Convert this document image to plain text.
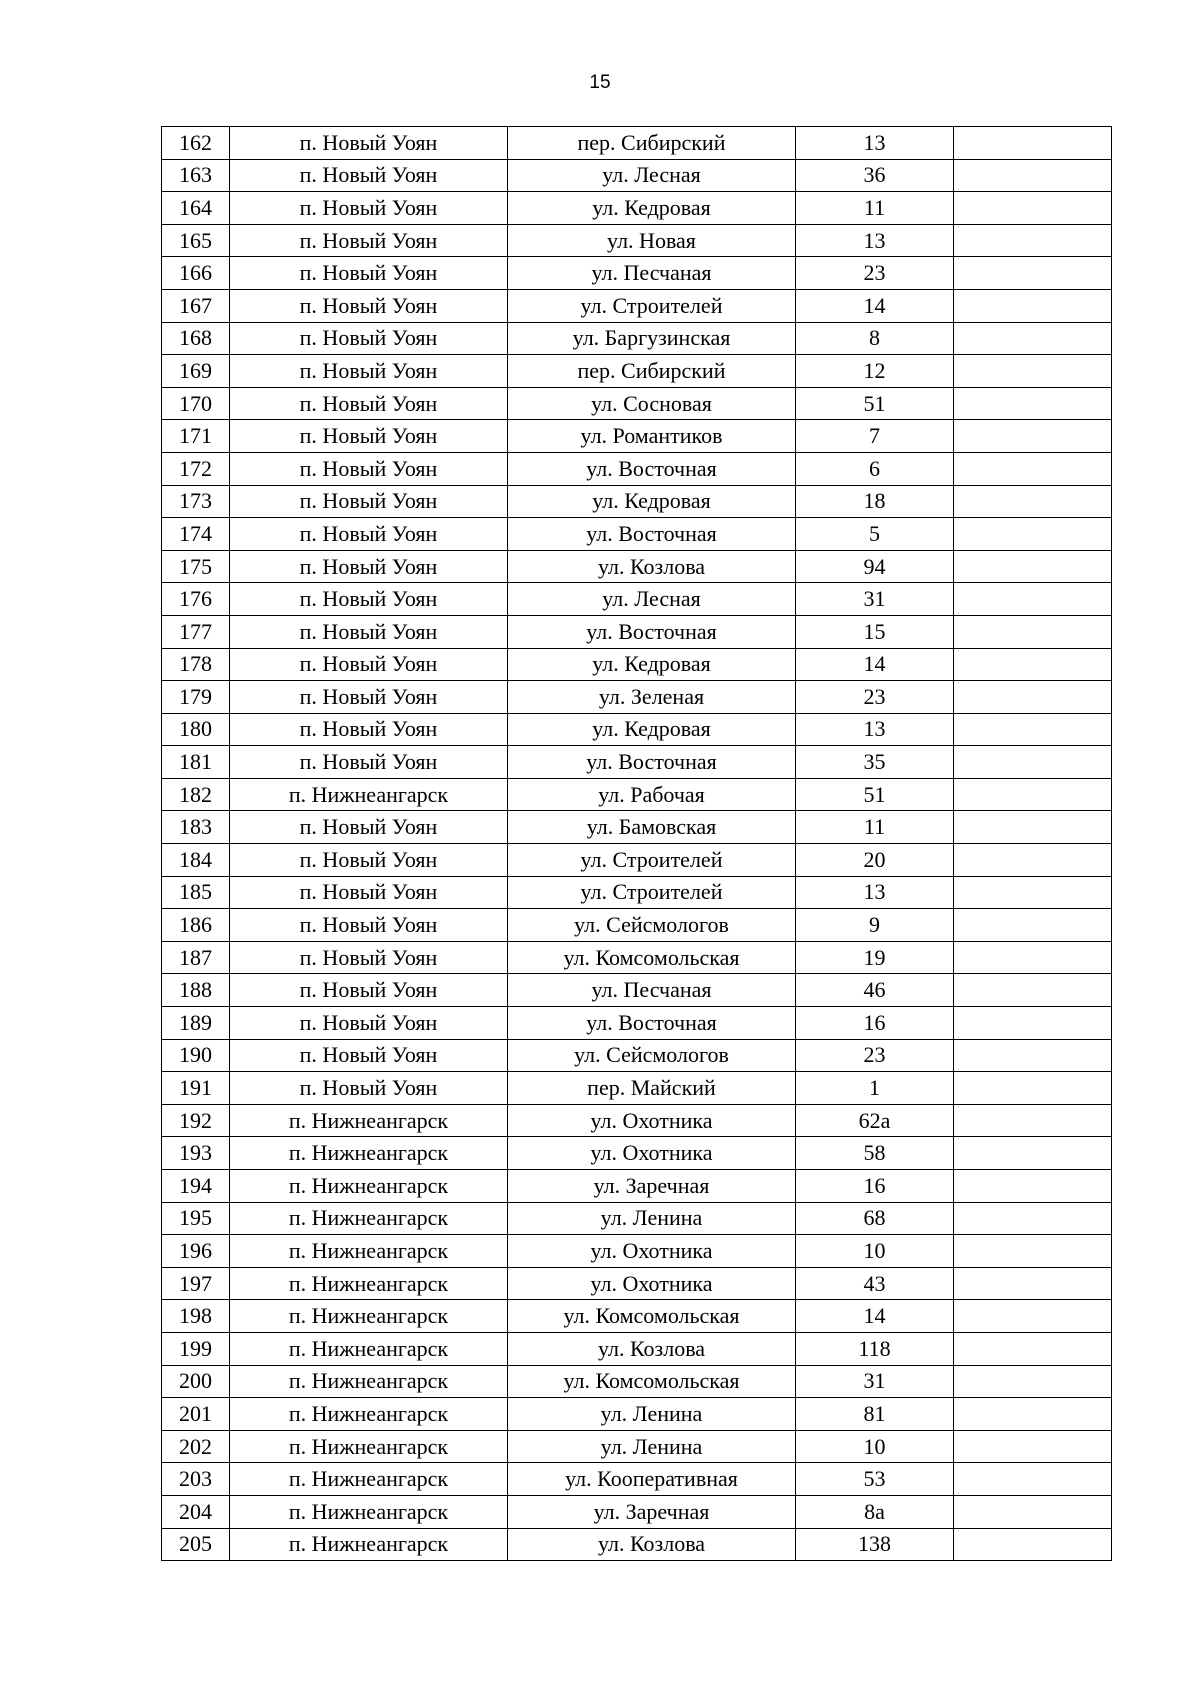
15
162	п. Новый Уоян	пер. Сибирский	13	
163	п. Новый Уоян	ул. Лесная	36	
164	п. Новый Уоян	ул. Кедровая	11	
165	п. Новый Уоян	ул. Новая	13	
166	п. Новый Уоян	ул. Песчаная	23	
167	п. Новый Уоян	ул. Строителей	14	
168	п. Новый Уоян	ул. Баргузинская	8	
169	п. Новый Уоян	пер. Сибирский	12	
170	п. Новый Уоян	ул. Сосновая	51	
171	п. Новый Уоян	ул. Романтиков	7	
172	п. Новый Уоян	ул. Восточная	6	
173	п. Новый Уоян	ул. Кедровая	18	
174	п. Новый Уоян	ул. Восточная	5	
175	п. Новый Уоян	ул. Козлова	94	
176	п. Новый Уоян	ул. Лесная	31	
177	п. Новый Уоян	ул. Восточная	15	
178	п. Новый Уоян	ул. Кедровая	14	
179	п. Новый Уоян	ул. Зеленая	23	
180	п. Новый Уоян	ул. Кедровая	13	
181	п. Новый Уоян	ул. Восточная	35	
182	п. Нижнеангарск	ул. Рабочая	51	
183	п. Новый Уоян	ул. Бамовская	11	
184	п. Новый Уоян	ул. Строителей	20	
185	п. Новый Уоян	ул. Строителей	13	
186	п. Новый Уоян	ул. Сейсмологов	9	
187	п. Новый Уоян	ул. Комсомольская	19	
188	п. Новый Уоян	ул. Песчаная	46	
189	п. Новый Уоян	ул. Восточная	16	
190	п. Новый Уоян	ул. Сейсмологов	23	
191	п. Новый Уоян	пер. Майский	1	
192	п. Нижнеангарск	ул. Охотника	62а	
193	п. Нижнеангарск	ул. Охотника	58	
194	п. Нижнеангарск	ул. Заречная	16	
195	п. Нижнеангарск	ул. Ленина	68	
196	п. Нижнеангарск	ул. Охотника	10	
197	п. Нижнеангарск	ул. Охотника	43	
198	п. Нижнеангарск	ул. Комсомольская	14	
199	п. Нижнеангарск	ул. Козлова	118	
200	п. Нижнеангарск	ул. Комсомольская	31	
201	п. Нижнеангарск	ул. Ленина	81	
202	п. Нижнеангарск	ул. Ленина	10	
203	п. Нижнеангарск	ул. Кооперативная	53	
204	п. Нижнеангарск	ул. Заречная	8а	
205	п. Нижнеангарск	ул. Козлова	138	
